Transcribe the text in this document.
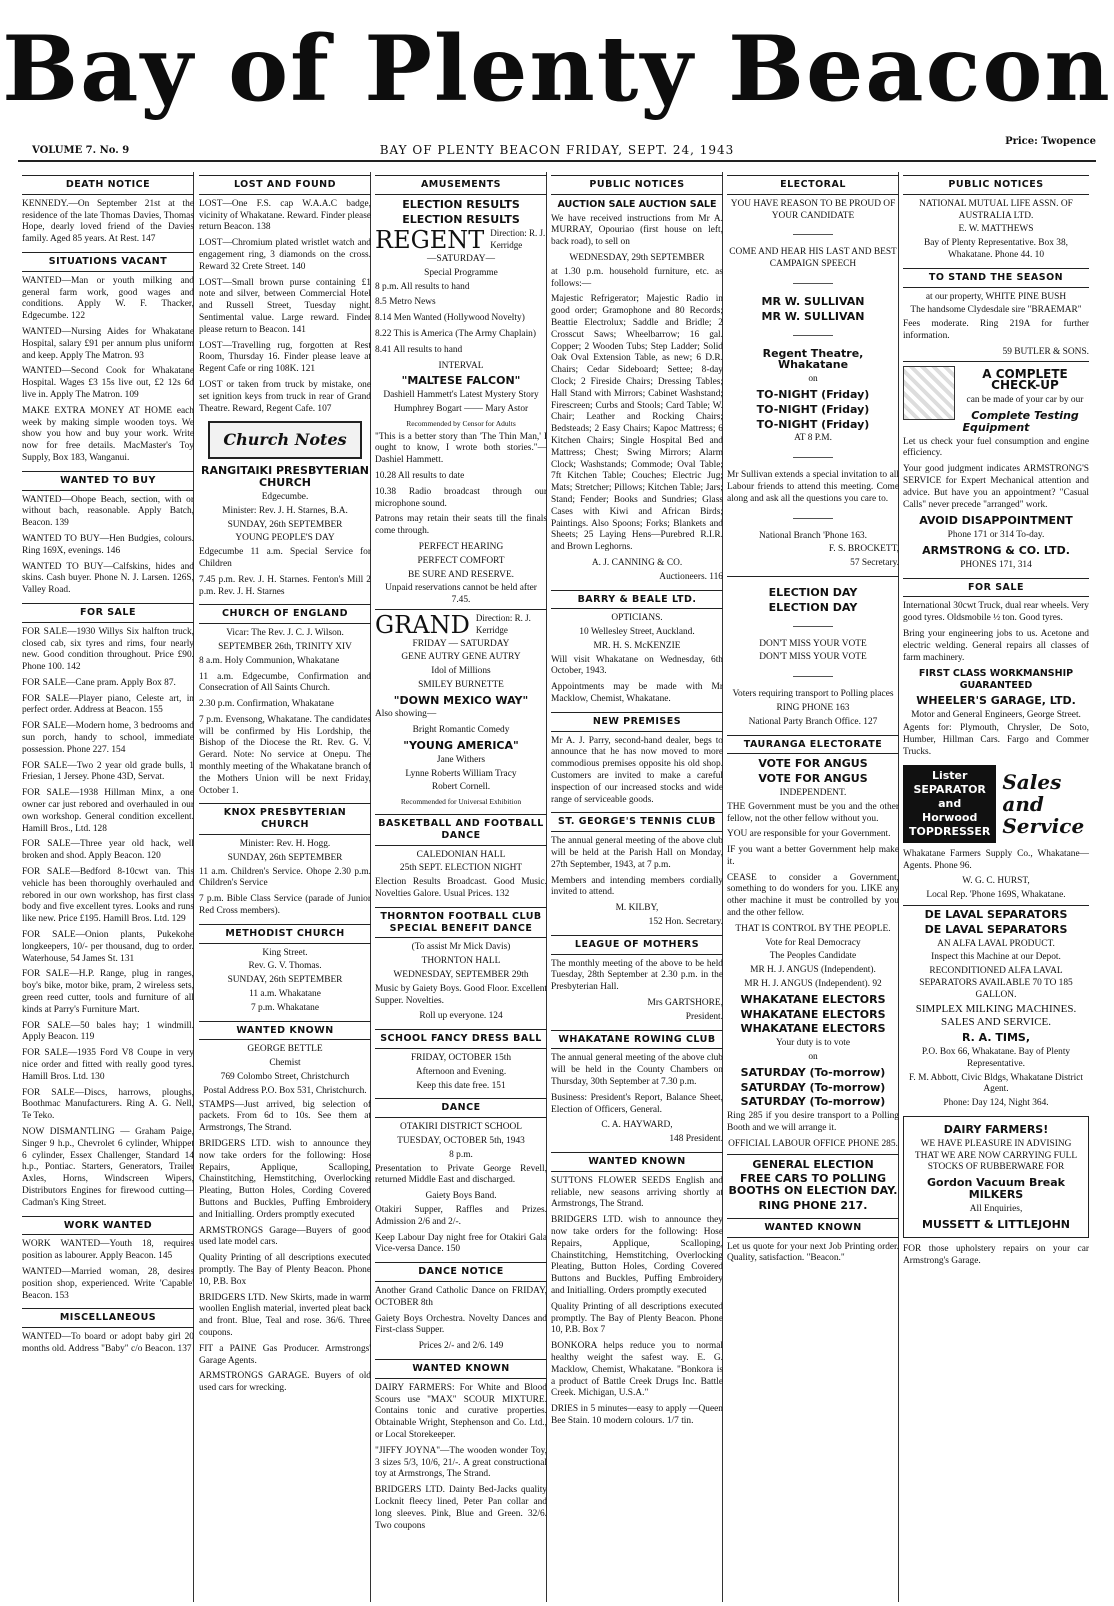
Bay of Plenty Beacon
VOLUME 7. No. 9	BAY OF PLENTY BEACON FRIDAY, SEPT. 24, 1943
Price: Twopence
DEATH NOTICE

KENNEDY.—On September 21st at the residence of the late Thomas Davies, Thomas Hope, dearly loved friend of the Davies family. Aged 85 years. At Rest. 147

SITUATIONS VACANT

WANTED—Man or youth milking and general farm work, good wages and conditions. Apply W. F. Thacker, Edgecumbe. 122

WANTED—Nursing Aides for Whakatane Hospital, salary £91 per annum plus uniform and keep. Apply The Matron. 93

WANTED—Second Cook for Whakatane Hospital. Wages £3 15s live out, £2 12s 6d live in. Apply The Matron. 109

MAKE EXTRA MONEY AT HOME each week by making simple wooden toys. We show you how and buy your work. Write now for free details. MacMaster's Toy Supply, Box 183, Wanganui.

WANTED TO BUY

WANTED—Ohope Beach, section, with or without bach, reasonable. Apply Batch, Beacon. 139

WANTED TO BUY—Hen Budgies, colours. Ring 169X, evenings. 146

WANTED TO BUY—Calfskins, hides and skins. Cash buyer. Phone N. J. Larsen. 126S, Valley Road.

FOR SALE

FOR SALE—1930 Willys Six halfton truck, closed cab, six tyres and rims, four nearly new. Good condition throughout. Price £90. Phone 100. 142

FOR SALE—Cane pram. Apply Box 87.

FOR SALE—Player piano, Celeste art, in perfect order. Address at Beacon. 155

FOR SALE—Modern home, 3 bedrooms and sun porch, handy to school, immediate possession. Phone 227. 154

FOR SALE—Two 2 year old grade bulls, 1 Friesian, 1 Jersey. Phone 43D, Servat.

FOR SALE—1938 Hillman Minx, a one owner car just rebored and overhauled in our own workshop. General condition excellent. Hamill Bros., Ltd. 128

FOR SALE—Three year old hack, well broken and shod. Apply Beacon. 120

FOR SALE—Bedford 8-10cwt van. This vehicle has been thoroughly overhauled and rebored in our own workshop, has first class body and five excellent tyres. Looks and runs like new. Price £195. Hamill Bros. Ltd. 129

FOR SALE—Onion plants, Pukekohe longkeepers, 10/- per thousand, dug to order. Waterhouse, 54 James St. 131

FOR SALE—H.P. Range, plug in ranges, boy's bike, motor bike, pram, 2 wireless sets, green reed cutter, tools and furniture of all kinds at Parry's Furniture Mart.

FOR SALE—50 bales hay; 1 windmill. Apply Beacon. 119

FOR SALE—1935 Ford V8 Coupe in very nice order and fitted with really good tyres. Hamill Bros. Ltd. 130

FOR SALE—Discs, harrows, ploughs, Boothmac Manufacturers. Ring A. G. Nell, Te Teko.

NOW DISMANTLING — Graham Paige, Singer 9 h.p., Chevrolet 6 cylinder, Whippet 6 cylinder, Essex Challenger, Standard 14 h.p., Pontiac. Starters, Generators, Trailer Axles, Horns, Windscreen Wipers, Distributors Engines for firewood cutting—Cadman's King Street.

WORK WANTED

WORK WANTED—Youth 18, requires position as labourer. Apply Beacon. 145

WANTED—Married woman, 28, desires position shop, experienced. Write 'Capable' Beacon. 153

MISCELLANEOUS

WANTED—To board or adopt baby girl 20 months old. Address "Baby" c/o Beacon. 137

LOST AND FOUND

LOST—One F.S. cap W.A.A.C badge, vicinity of Whakatane. Reward. Finder please return Beacon. 138

LOST—Chromium plated wristlet watch and engagement ring, 3 diamonds on the cross. Reward 32 Crete Street. 140

LOST—Small brown purse containing £1 note and silver, between Commercial Hotel and Russell Street, Tuesday night. Sentimental value. Large reward. Finder please return to Beacon. 141

LOST—Travelling rug, forgotten at Rest Room, Thursday 16. Finder please leave at Regent Cafe or ring 108K. 121

LOST or taken from truck by mistake, one set ignition keys from truck in rear of Grand Theatre. Reward, Regent Cafe. 107

Church Notes
RANGITAIKI PRESBYTERIAN CHURCH

Edgecumbe.

Minister: Rev. J. H. Starnes, B.A.

SUNDAY, 26th SEPTEMBER

YOUNG PEOPLE'S DAY

Edgecumbe 11 a.m. Special Service for Children

7.45 p.m. Rev. J. H. Starnes. Fenton's Mill 2 p.m. Rev. J. H. Starnes

CHURCH OF ENGLAND

Vicar: The Rev. J. C. J. Wilson.

SEPTEMBER 26th, TRINITY XIV

8 a.m. Holy Communion, Whakatane

11 a.m. Edgecumbe, Confirmation and Consecration of All Saints Church.

2.30 p.m. Confirmation, Whakatane

7 p.m. Evensong, Whakatane. The candidates will be confirmed by His Lordship, the Bishop of the Diocese the Rt. Rev. G. V. Gerard. Note: No service at Onepu. The monthly meeting of the Whakatane branch of the Mothers Union will be next Friday, October 1.

KNOX PRESBYTERIAN CHURCH

Minister: Rev. H. Hogg.

SUNDAY, 26th SEPTEMBER

11 a.m. Children's Service. Ohope 2.30 p.m. Children's Service

7 p.m. Bible Class Service (parade of Junior Red Cross members).

METHODIST CHURCH

King Street.

Rev. G. V. Thomas.

SUNDAY, 26th SEPTEMBER

11 a.m. Whakatane

7 p.m. Whakatane

WANTED KNOWN

GEORGE BETTLE

Chemist

769 Colombo Street, Christchurch

Postal Address P.O. Box 531, Christchurch.

STAMPS—Just arrived, big selection of packets. From 6d to 10s. See them at Armstrongs, The Strand.

BRIDGERS LTD. wish to announce they now take orders for the following: Hose Repairs, Applique, Scalloping, Chainstitching, Hemstitching, Overlocking Pleating, Button Holes, Cording Covered Buttons and Buckles, Puffing Embroidery and Initialling. Orders promptly executed

ARMSTRONGS Garage—Buyers of good used late model cars.

Quality Printing of all descriptions executed promptly. The Bay of Plenty Beacon. Phone 10, P.B. Box

BRIDGERS LTD. New Skirts, made in warm woollen English material, inverted pleat back and front. Blue, Teal and rose. 36/6. Three coupons.

FIT a PAINE Gas Producer. Armstrongs' Garage Agents.

ARMSTRONGS GARAGE. Buyers of old used cars for wrecking.

AMUSEMENTS
ELECTION RESULTS
ELECTION RESULTS
REGENT Direction: R. J. Kerridge

—SATURDAY—

Special Programme

8 p.m. All results to hand

8.5 Metro News

8.14 Men Wanted (Hollywood Novelty)

8.22 This is America (The Army Chaplain)

8.41 All results to hand

INTERVAL

"MALTESE FALCON"

Dashiell Hammett's Latest Mystery Story

Humphrey Bogart —— Mary Astor

Recommended by Censor for Adults

"This is a better story than 'The Thin Man,' I ought to know, I wrote both stories."—Dashiel Hammett.

10.28 All results to date

10.38 Radio broadcast through our microphone sound.

Patrons may retain their seats till the finals come through.

PERFECT HEARING

PERFECT COMFORT

BE SURE AND RESERVE.

Unpaid reservations cannot be held after 7.45.

GRAND Direction: R. J. Kerridge

FRIDAY — SATURDAY

GENE AUTRY GENE AUTRY

Idol of Millions

SMILEY BURNETTE

"DOWN MEXICO WAY"

Also showing—

Bright Romantic Comedy

"YOUNG AMERICA"

Jane Withers

Lynne Roberts William Tracy

Robert Cornell.

Recommended for Universal Exhibition

BASKETBALL AND FOOTBALL DANCE

CALEDONIAN HALL

25th SEPT. ELECTION NIGHT

Election Results Broadcast. Good Music. Novelties Galore. Usual Prices. 132

THORNTON FOOTBALL CLUB SPECIAL BENEFIT DANCE

(To assist Mr Mick Davis)

THORNTON HALL

WEDNESDAY, SEPTEMBER 29th

Music by Gaiety Boys. Good Floor. Excellent Supper. Novelties.

Roll up everyone. 124

SCHOOL FANCY DRESS BALL

FRIDAY, OCTOBER 15th

Afternoon and Evening.

Keep this date free. 151

DANCE

OTAKIRI DISTRICT SCHOOL

TUESDAY, OCTOBER 5th, 1943

8 p.m.

Presentation to Private George Revell, returned Middle East and discharged.

Gaiety Boys Band.

Otakiri Supper, Raffles and Prizes. Admission 2/6 and 2/-.

Keep Labour Day night free for Otakiri Gala Vice-versa Dance. 150

DANCE NOTICE

Another Grand Catholic Dance on FRIDAY, OCTOBER 8th

Gaiety Boys Orchestra. Novelty Dances and First-class Supper.

Prices 2/- and 2/6. 149

WANTED KNOWN

DAIRY FARMERS: For White and Blood Scours use "MAX" SCOUR MIXTURE. Contains tonic and curative properties. Obtainable Wright, Stephenson and Co. Ltd., or Local Storekeeper.

"JIFFY JOYNA"—The wooden wonder Toy, 3 sizes 5/3, 10/6, 21/-. A great constructional toy at Armstrongs, The Strand.

BRIDGERS LTD. Dainty Bed-Jacks quality Locknit fleecy lined, Peter Pan collar and long sleeves. Pink, Blue and Green. 32/6. Two coupons

PUBLIC NOTICES
AUCTION SALE AUCTION SALE

We have received instructions from Mr A. MURRAY, Opouriao (first house on left, back road), to sell on

WEDNESDAY, 29th SEPTEMBER

at 1.30 p.m. household furniture, etc. as follows:—

Majestic Refrigerator; Majestic Radio in good order; Gramophone and 80 Records; Beattie Electrolux; Saddle and Bridle; 2 Crosscut Saws; Wheelbarrow; 16 gal. Copper; 2 Wooden Tubs; Step Ladder; Solid Oak Oval Extension Table, as new; 6 D.R. Chairs; Cedar Sideboard; Settee; 8-day Clock; 2 Fireside Chairs; Dressing Tables; Hall Stand with Mirrors; Cabinet Washstand; Firescreen; Curbs and Stools; Card Table; W. Chair; Leather and Rocking Chairs; Bedsteads; 2 Easy Chairs; Kapoc Mattress; 6 Kitchen Chairs; Single Hospital Bed and Mattress; Chest; Swing Mirrors; Alarm Clock; Washstands; Commode; Oval Table; 7ft Kitchen Table; Couches; Electric Jug; Mats; Stretcher; Pillows; Kitchen Table; Jars; Stand; Fender; Books and Sundries; Glass Cases with Kiwi and African Birds; Paintings. Also Spoons; Forks; Blankets and Sheets; 25 Laying Hens—Purebred R.I.R. and Brown Leghorns.

A. J. CANNING & CO.

Auctioneers. 116

BARRY & BEALE LTD.

OPTICIANS.

10 Wellesley Street, Auckland.

MR. H. S. McKENZIE

Will visit Whakatane on Wednesday, 6th October, 1943.

Appointments may be made with Mr Macklow, Chemist, Whakatane.

NEW PREMISES

Mr A. J. Parry, second-hand dealer, begs to announce that he has now moved to more commodious premises opposite his old shop. Customers are invited to make a careful inspection of our increased stocks and wide range of serviceable goods.

ST. GEORGE'S TENNIS CLUB

The annual general meeting of the above club will be held at the Parish Hall on Monday, 27th September, 1943, at 7 p.m.

Members and intending members cordially invited to attend.

M. KILBY,

152 Hon. Secretary.

LEAGUE OF MOTHERS

The monthly meeting of the above to be held Tuesday, 28th September at 2.30 p.m. in the Presbyterian Hall.

Mrs GARTSHORE,

President.

WHAKATANE ROWING CLUB

The annual general meeting of the above club will be held in the County Chambers on Thursday, 30th September at 7.30 p.m.

Business: President's Report, Balance Sheet, Election of Officers, General.

C. A. HAYWARD,

148 President.

WANTED KNOWN

SUTTONS FLOWER SEEDS English and reliable, new seasons arriving shortly at Armstrongs, The Strand.

BRIDGERS LTD. wish to announce they now take orders for the following: Hose Repairs, Applique, Scalloping, Chainstitching, Hemstitching, Overlocking Pleating, Button Holes, Cording Covered Buttons and Buckles, Puffing Embroidery and Initialling. Orders promptly executed

Quality Printing of all descriptions executed promptly. The Bay of Plenty Beacon. Phone 10, P.B. Box 7

BONKORA helps reduce you to normal healthy weight the safest way. E. G. Macklow, Chemist, Whakatane. "Bonkora is a product of Battle Creek Drugs Inc. Battle Creek. Michigan, U.S.A."

DRIES in 5 minutes—easy to apply —Queen Bee Stain. 10 modern colours. 1/7 tin.

ELECTORAL

YOU HAVE REASON TO BE PROUD OF YOUR CANDIDATE

COME AND HEAR HIS LAST AND BEST CAMPAIGN SPEECH

MR W. SULLIVAN
MR W. SULLIVAN
Regent Theatre, Whakatane

on

TO-NIGHT (Friday)
TO-NIGHT (Friday)
TO-NIGHT (Friday)

AT 8 P.M.

Mr Sullivan extends a special invitation to all Labour friends to attend this meeting. Come along and ask all the questions you care to.

National Branch 'Phone 163.

F. S. BROCKETT,

57 Secretary.

ELECTION DAY
ELECTION DAY

DON'T MISS YOUR VOTE

DON'T MISS YOUR VOTE

Voters requiring transport to Polling places

RING PHONE 163

National Party Branch Office. 127

TAURANGA ELECTORATE
VOTE FOR ANGUS
VOTE FOR ANGUS

INDEPENDENT.

THE Government must be you and the other fellow, not the other fellow without you.

YOU are responsible for your Government.

IF you want a better Government help make it.

CEASE to consider a Government, something to do wonders for you. LIKE any other machine it must be controlled by you and the other fellow.

THAT IS CONTROL BY THE PEOPLE.

Vote for Real Democracy

The Peoples Candidate

MR H. J. ANGUS (Independent).

MR H. J. ANGUS (Independent). 92

WHAKATANE ELECTORS
WHAKATANE ELECTORS
WHAKATANE ELECTORS

Your duty is to vote

on

SATURDAY (To-morrow)
SATURDAY (To-morrow)
SATURDAY (To-morrow)

Ring 285 if you desire transport to a Polling Booth and we will arrange it.

OFFICIAL LABOUR OFFICE PHONE 285.

GENERAL ELECTION
FREE CARS TO POLLING BOOTHS ON ELECTION DAY.
RING PHONE 217.
WANTED KNOWN

Let us quote for your next Job Printing order. Quality, satisfaction. "Beacon."

PUBLIC NOTICES

NATIONAL MUTUAL LIFE ASSN. OF AUSTRALIA LTD.

E. W. MATTHEWS

Bay of Plenty Representative. Box 38, Whakatane. Phone 44. 10

TO STAND THE SEASON

at our property, WHITE PINE BUSH

The handsome Clydesdale sire "BRAEMAR"

Fees moderate. Ring 219A for further information.

59 BUTLER & SONS.

A COMPLETE CHECK-UP

can be made of your car by our

Complete Testing Equipment

Let us check your fuel consumption and engine efficiency.

Your good judgment indicates ARMSTRONG'S SERVICE for Expert Mechanical attention and advice. But have you an appointment? "Casual Calls" never precede "arranged" work.

AVOID DISAPPOINTMENT

Phone 171 or 314 To-day.

ARMSTRONG & CO. LTD.

PHONES 171, 314

FOR SALE

International 30cwt Truck, dual rear wheels. Very good tyres. Oldsmobile ½ ton. Good tyres.

Bring your engineering jobs to us. Acetone and electric welding. General repairs all classes of farm machinery.

FIRST CLASS WORKMANSHIP GUARANTEED
WHEELER'S GARAGE, LTD.

Motor and General Engineers, George Street.

Agents for: Plymouth, Chrysler, De Soto, Humber, Hillman Cars. Fargo and Commer Trucks.

Lister SEPARATOR and Horwood TOPDRESSER
Sales and Service

Whakatane Farmers Supply Co., Whakatane—Agents. Phone 96.

W. G. C. HURST,

Local Rep. 'Phone 169S, Whakatane.

DE LAVAL SEPARATORS
DE LAVAL SEPARATORS

AN ALFA LAVAL PRODUCT.

Inspect this Machine at our Depot.

RECONDITIONED ALFA LAVAL SEPARATORS AVAILABLE 70 TO 185 GALLON.

SIMPLEX MILKING MACHINES.

SALES AND SERVICE.

R. A. TIMS,

P.O. Box 66, Whakatane. Bay of Plenty Representative.

F. M. Abbott, Civic Bldgs, Whakatane District Agent.

Phone: Day 124, Night 364.

DAIRY FARMERS!

WE HAVE PLEASURE IN ADVISING THAT WE ARE NOW CARRYING FULL STOCKS OF RUBBERWARE FOR

Gordon Vacuum Break MILKERS

All Enquiries,

MUSSETT & LITTLEJOHN

FOR those upholstery repairs on your car Armstrong's Garage.
